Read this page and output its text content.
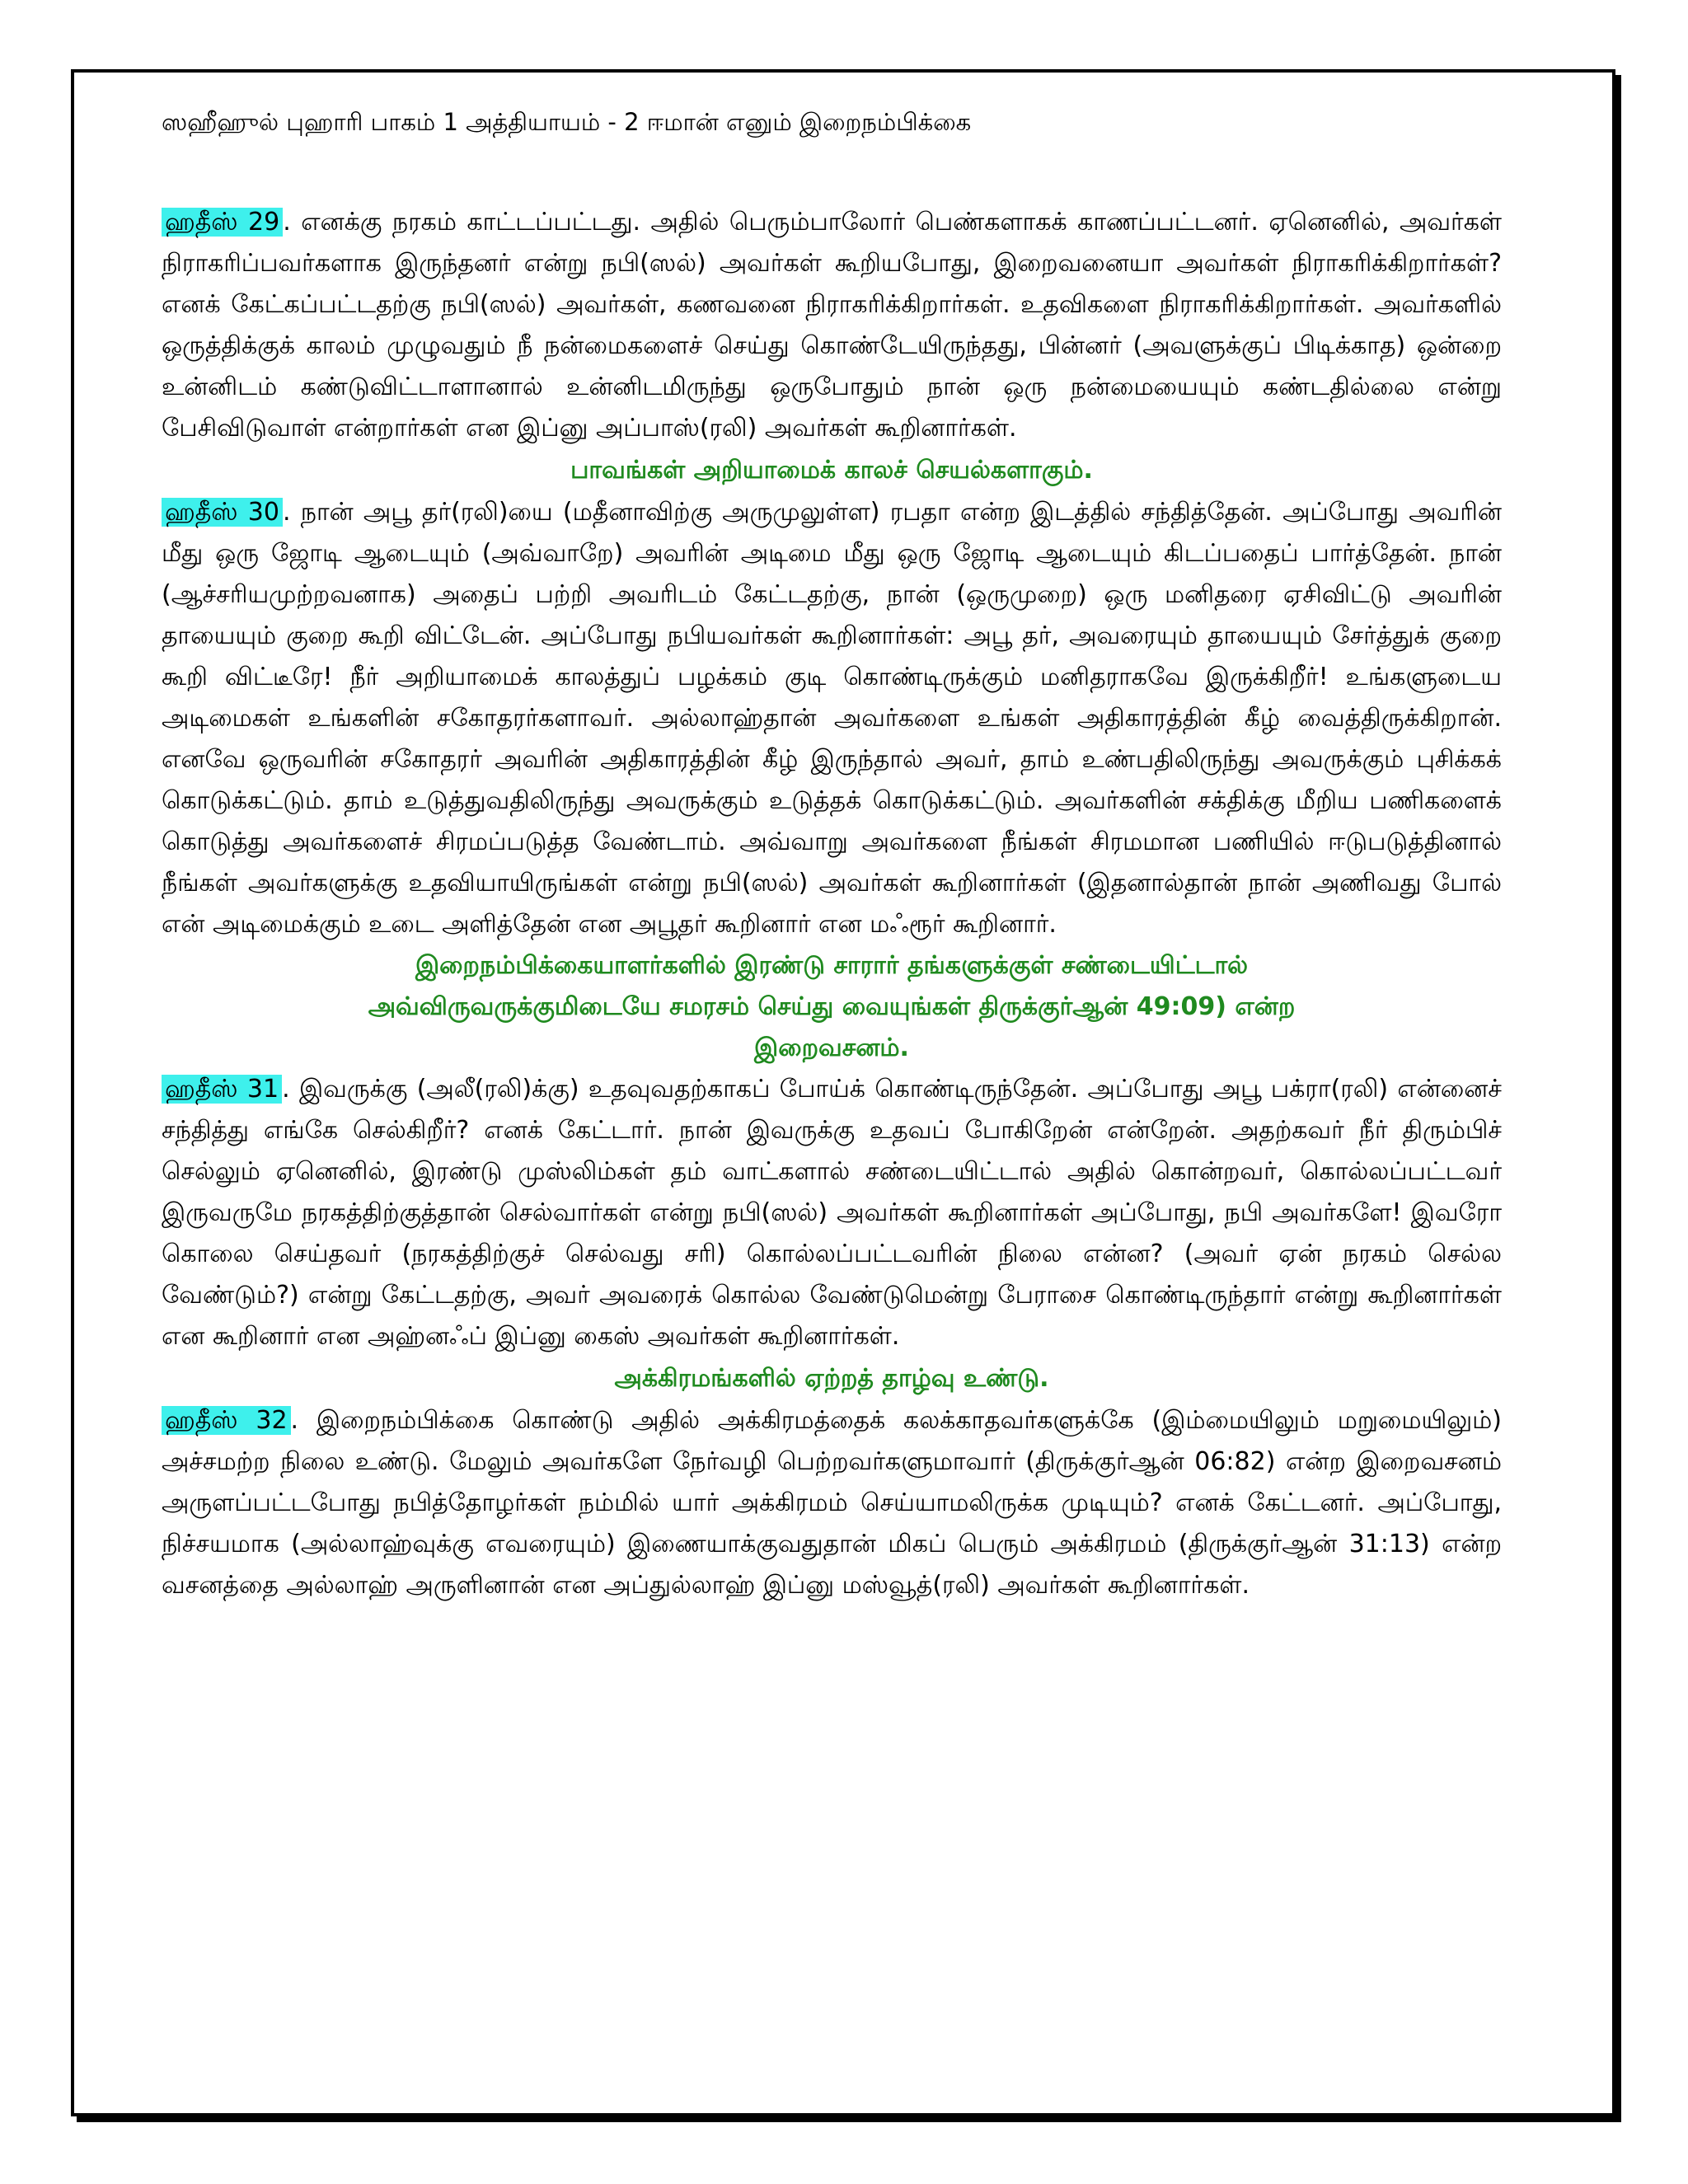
ஸஹீஹுல் புஹாரி பாகம் 1 அத்தியாயம் - 2 ஈமான் எனும் இறைநம்பிக்கை

ஹதீஸ் 29 . எனக்கு நரகம் காட்டப்பட்டது. அதில் பெரும்பாலோர் பெண்களாகக் காணப்பட்டனர். ஏனெனில், அவர்கள் நிராகரிப்பவர்களாக இருந்தனர் என்று நபி(ஸல்) அவர்கள் கூறியபோது, இறைவனையா அவர்கள் நிராகரிக்கிறார்கள்? எனக் கேட்கப்பட்டதற்கு நபி(ஸல்) அவர்கள், கணவனை நிராகரிக்கிறார்கள். உதவிகளை நிராகரிக்கிறார்கள். அவர்களில் ஒருத்திக்குக் காலம் முழுவதும் நீ நன்மைகளைச் செய்து கொண்டேயிருந்தது, பின்னர் (அவளுக்குப் பிடிக்காத) ஒன்றை உன்னிடம் கண்டுவிட்டாளானால் உன்னிடமிருந்து ஒருபோதும் நான் ஒரு நன்மையையும் கண்டதில்லை என்று பேசிவிடுவாள் என்றார்கள் என இப்னு அப்பாஸ்(ரலி) அவர்கள் கூறினார்கள்.

பாவங்கள் அறியாமைக் காலச் செயல்களாகும்.

ஹதீஸ் 30 . நான் அபூ தர்(ரலி)யை (மதீனாவிற்கு அருமுலுள்ள) ரபதா என்ற இடத்தில் சந்தித்தேன். அப்போது அவரின் மீது ஒரு ஜோடி ஆடையும் (அவ்வாறே) அவரின் அடிமை மீது ஒரு ஜோடி ஆடையும் கிடப்பதைப் பார்த்தேன். நான் (ஆச்சரியமுற்றவனாக) அதைப் பற்றி அவரிடம் கேட்டதற்கு, நான் (ஒருமுறை) ஒரு மனிதரை ஏசிவிட்டு அவரின் தாயையும் குறை கூறி விட்டேன். அப்போது நபியவர்கள் கூறினார்கள்: அபூ தர், அவரையும் தாயையும் சேர்த்துக் குறை கூறி விட்டீரே! நீர் அறியாமைக் காலத்துப் பழக்கம் குடி கொண்டிருக்கும் மனிதராகவே இருக்கிறீர்! உங்களுடைய அடிமைகள் உங்களின் சகோதரர்களாவர். அல்லாஹ்தான் அவர்களை உங்கள் அதிகாரத்தின் கீழ் வைத்திருக்கிறான். எனவே ஒருவரின் சகோதரர் அவரின் அதிகாரத்தின் கீழ் இருந்தால் அவர், தாம் உண்பதிலிருந்து அவருக்கும் புசிக்கக் கொடுக்கட்டும். தாம் உடுத்துவதிலிருந்து அவருக்கும் உடுத்தக் கொடுக்கட்டும். அவர்களின் சக்திக்கு மீறிய பணிகளைக் கொடுத்து அவர்களைச் சிரமப்படுத்த வேண்டாம். அவ்வாறு அவர்களை நீங்கள் சிரமமான பணியில் ஈடுபடுத்தினால் நீங்கள் அவர்களுக்கு உதவியாயிருங்கள் என்று நபி(ஸல்) அவர்கள் கூறினார்கள் (இதனால்தான் நான் அணிவது போல் என் அடிமைக்கும் உடை அளித்தேன் என அபூதர் கூறினார் என மஃரூர் கூறினார்.

இறைநம்பிக்கையாளர்களில் இரண்டு சாரார் தங்களுக்குள் சண்டையிட்டால்
அவ்விருவருக்குமிடையே சமரசம் செய்து வையுங்கள் திருக்குர்ஆன் 49:09) என்ற
இறைவசனம்.

ஹதீஸ் 31 . இவருக்கு (அலீ(ரலி)க்கு) உதவுவதற்காகப் போய்க் கொண்டிருந்தேன். அப்போது அபூ பக்ரா(ரலி) என்னைச் சந்தித்து எங்கே செல்கிறீர்? எனக் கேட்டார். நான் இவருக்கு உதவப் போகிறேன் என்றேன். அதற்கவர் நீர் திரும்பிச் செல்லும் ஏனெனில், இரண்டு முஸ்லிம்கள் தம் வாட்களால் சண்டையிட்டால் அதில் கொன்றவர், கொல்லப்பட்டவர் இருவருமே நரகத்திற்குத்தான் செல்வார்கள் என்று நபி(ஸல்) அவர்கள் கூறினார்கள் அப்போது, நபி அவர்களே! இவரோ கொலை செய்தவர் (நரகத்திற்குச் செல்வது சரி) கொல்லப்பட்டவரின் நிலை என்ன? (அவர் ஏன் நரகம் செல்ல வேண்டும்?) என்று கேட்டதற்கு, அவர் அவரைக் கொல்ல வேண்டுமென்று பேராசை கொண்டிருந்தார் என்று கூறினார்கள் என கூறினார் என அஹ்னஃப் இப்னு கைஸ் அவர்கள் கூறினார்கள்.

அக்கிரமங்களில் ஏற்றத் தாழ்வு உண்டு.

ஹதீஸ் 32 . இறைநம்பிக்கை கொண்டு அதில் அக்கிரமத்தைக் கலக்காதவர்களுக்கே (இம்மையிலும் மறுமையிலும்) அச்சமற்ற நிலை உண்டு. மேலும் அவர்களே நேர்வழி பெற்றவர்களுமாவார் (திருக்குர்ஆன் 06:82) என்ற இறைவசனம் அருளப்பட்டபோது நபித்தோழர்கள் நம்மில் யார் அக்கிரமம் செய்யாமலிருக்க முடியும்? எனக் கேட்டனர். அப்போது, நிச்சயமாக (அல்லாஹ்வுக்கு எவரையும்) இணையாக்குவதுதான் மிகப் பெரும் அக்கிரமம் (திருக்குர்ஆன் 31:13) என்ற வசனத்தை அல்லாஹ் அருளினான் என அப்துல்லாஹ் இப்னு மஸ்வூத்(ரலி) அவர்கள் கூறினார்கள்.
